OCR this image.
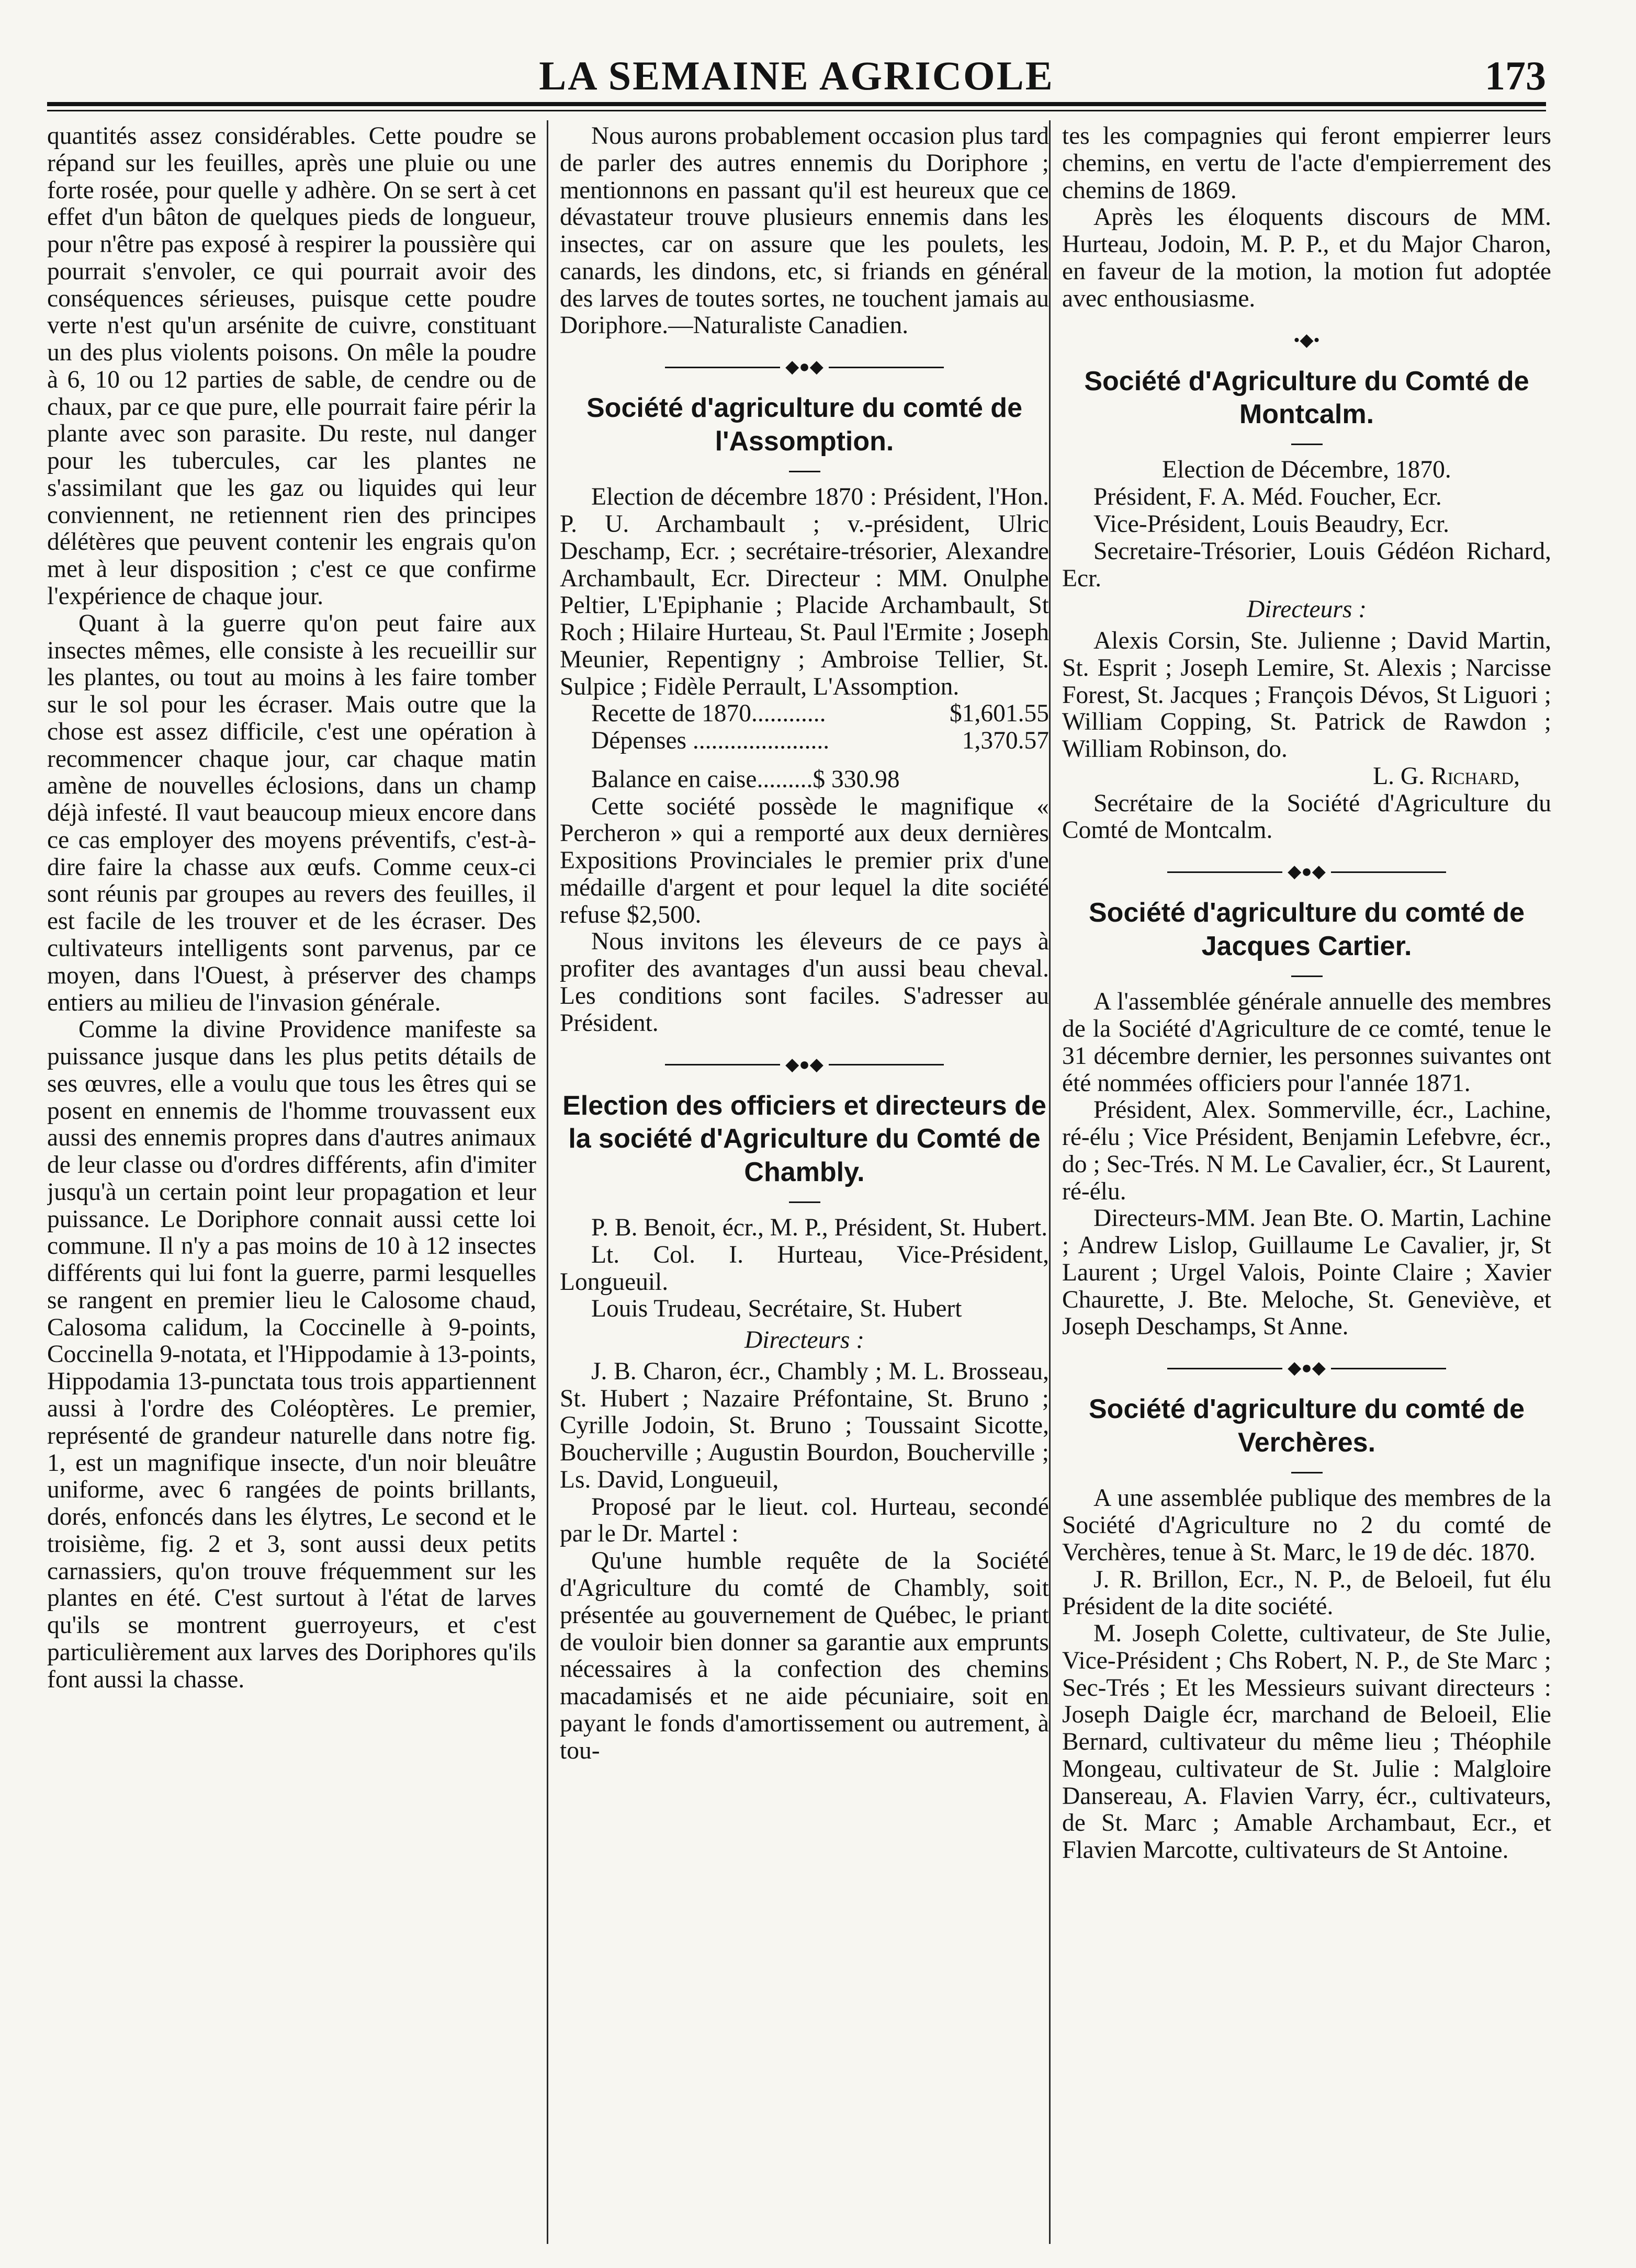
LA SEMAINE AGRICOLE	173

quantités assez considérables. Cette poudre se répand sur les feuilles, après une pluie ou une forte rosée, pour quelle y adhère. On se sert à cet effet d'un bâton de quelques pieds de longueur, pour n'être pas exposé à respirer la poussière qui pourrait s'envoler, ce qui pourrait avoir des conséquences sérieuses, puisque cette poudre verte n'est qu'un arsénite de cuivre, constituant un des plus violents poisons. On mêle la poudre à 6, 10 ou 12 parties de sable, de cendre ou de chaux, par ce que pure, elle pourrait faire périr la plante avec son parasite. Du reste, nul danger pour les tubercules, car les plantes ne s'assimilant que les gaz ou liquides qui leur conviennent, ne retiennent rien des principes délétères que peuvent contenir les engrais qu'on met à leur disposition ; c'est ce que confirme l'expérience de chaque jour.

Quant à la guerre qu'on peut faire aux insectes mêmes, elle consiste à les recueillir sur les plantes, ou tout au moins à les faire tomber sur le sol pour les écraser. Mais outre que la chose est assez difficile, c'est une opération à recommencer chaque jour, car chaque matin amène de nouvelles éclosions, dans un champ déjà infesté. Il vaut beaucoup mieux encore dans ce cas employer des moyens préventifs, c'est-à-dire faire la chasse aux œufs. Comme ceux-ci sont réunis par groupes au revers des feuilles, il est facile de les trouver et de les écraser. Des cultivateurs intelligents sont parvenus, par ce moyen, dans l'Ouest, à préserver des champs entiers au milieu de l'invasion générale.

Comme la divine Providence manifeste sa puissance jusque dans les plus petits détails de ses œuvres, elle a voulu que tous les êtres qui se posent en ennemis de l'homme trouvassent eux aussi des ennemis propres dans d'autres animaux de leur classe ou d'ordres différents, afin d'imiter jusqu'à un certain point leur propagation et leur puissance. Le Doriphore connait aussi cette loi commune. Il n'y a pas moins de 10 à 12 insectes différents qui lui font la guerre, parmi lesquelles se rangent en premier lieu le Calosome chaud, Calosoma calidum, la Coccinelle à 9-points, Coccinella 9-notata, et l'Hippodamie à 13-points, Hippodamia 13-punctata tous trois appartiennent aussi à l'ordre des Coléoptères. Le premier, représenté de grandeur naturelle dans notre fig. 1, est un magnifique insecte, d'un noir bleuâtre uniforme, avec 6 rangées de points brillants, dorés, enfoncés dans les élytres, Le second et le troisième, fig. 2 et 3, sont aussi deux petits carnassiers, qu'on trouve fréquemment sur les plantes en été. C'est surtout à l'état de larves qu'ils se montrent guerroyeurs, et c'est particulièrement aux larves des Doriphores qu'ils font aussi la chasse.

Nous aurons probablement occasion plus tard de parler des autres ennemis du Doriphore ; mentionnons en passant qu'il est heureux que ce dévastateur trouve plusieurs ennemis dans les insectes, car on assure que les poulets, les canards, les dindons, etc, si friands en général des larves de toutes sortes, ne touchent jamais au Doriphore.—Naturaliste Canadien.

◆●◆
Société d'agriculture du comté de l'Assomption.

Election de décembre 1870 : Président, l'Hon. P. U. Archambault ; v.-président, Ulric Deschamp, Ecr. ; secrétaire-trésorier, Alexandre Archambault, Ecr. Directeur : MM. Onulphe Peltier, L'Epiphanie ; Placide Archambault, St Roch ; Hilaire Hurteau, St. Paul l'Ermite ; Joseph Meunier, Repentigny ; Ambroise Tellier, St. Sulpice ; Fidèle Perrault, L'Assomption.

Recette de 1870............	$1,601.55
Dépenses ......................	1,370.57

Balance en caise.........$ 330.98

Cette société possède le magnifique « Percheron » qui a remporté aux deux dernières Expositions Provinciales le premier prix d'une médaille d'argent et pour lequel la dite société refuse $2,500.

Nous invitons les éleveurs de ce pays à profiter des avantages d'un aussi beau cheval. Les conditions sont faciles. S'adresser au Président.

◆●◆
Election des officiers et directeurs de la société d'Agriculture du Comté de Chambly.

P. B. Benoit, écr., M. P., Président, St. Hubert.

Lt. Col. I. Hurteau, Vice-Président, Longueuil.

Louis Trudeau, Secrétaire, St. Hubert

Directeurs :

J. B. Charon, écr., Chambly ; M. L. Brosseau, St. Hubert ; Nazaire Préfontaine, St. Bruno ; Cyrille Jodoin, St. Bruno ; Toussaint Sicotte, Boucherville ; Augustin Bourdon, Boucherville ; Ls. David, Longueuil,

Proposé par le lieut. col. Hurteau, secondé par le Dr. Martel :

Qu'une humble requête de la Société d'Agriculture du comté de Chambly, soit présentée au gouvernement de Québec, le priant de vouloir bien donner sa garantie aux emprunts nécessaires à la confection des chemins macadamisés et ne aide pécuniaire, soit en payant le fonds d'amortissement ou autrement, à tou-

tes les compagnies qui feront empierrer leurs chemins, en vertu de l'acte d'empierrement des chemins de 1869.

Après les éloquents discours de MM. Hurteau, Jodoin, M. P. P., et du Major Charon, en faveur de la motion, la motion fut adoptée avec enthousiasme.

•◆•
Société d'Agriculture du Comté de Montcalm.

Election de Décembre, 1870.

Président, F. A. Méd. Foucher, Ecr.

Vice-Président, Louis Beaudry, Ecr.

Secretaire-Trésorier, Louis Gédéon Richard, Ecr.

Directeurs :

Alexis Corsin, Ste. Julienne ; David Martin, St. Esprit ; Joseph Lemire, St. Alexis ; Narcisse Forest, St. Jacques ; François Dévos, St Liguori ; William Copping, St. Patrick de Rawdon ; William Robinson, do.

L. G. Richard,

Secrétaire de la Société d'Agriculture du Comté de Montcalm.

◆●◆
Société d'agriculture du comté de Jacques Cartier.

A l'assemblée générale annuelle des membres de la Société d'Agriculture de ce comté, tenue le 31 décembre dernier, les personnes suivantes ont été nommées officiers pour l'année 1871.

Président, Alex. Sommerville, écr., Lachine, ré-élu ; Vice Président, Benjamin Lefebvre, écr., do ; Sec-Trés. N M. Le Cavalier, écr., St Laurent, ré-élu.

Directeurs-MM. Jean Bte. O. Martin, Lachine ; Andrew Lislop, Guillaume Le Cavalier, jr, St Laurent ; Urgel Valois, Pointe Claire ; Xavier Chaurette, J. Bte. Meloche, St. Geneviève, et Joseph Deschamps, St Anne.

◆●◆
Société d'agriculture du comté de Verchères.

A une assemblée publique des membres de la Société d'Agriculture no 2 du comté de Verchères, tenue à St. Marc, le 19 de déc. 1870.

J. R. Brillon, Ecr., N. P., de Beloeil, fut élu Président de la dite société.

M. Joseph Colette, cultivateur, de Ste Julie, Vice-Président ; Chs Robert, N. P., de Ste Marc ; Sec-Trés ; Et les Messieurs suivant directeurs : Joseph Daigle écr, marchand de Beloeil, Elie Bernard, cultivateur du même lieu ; Théophile Mongeau, cultivateur de St. Julie : Malgloire Dansereau, A. Flavien Varry, écr., cultivateurs, de St. Marc ; Amable Archambaut, Ecr., et Flavien Marcotte, cultivateurs de St Antoine.
